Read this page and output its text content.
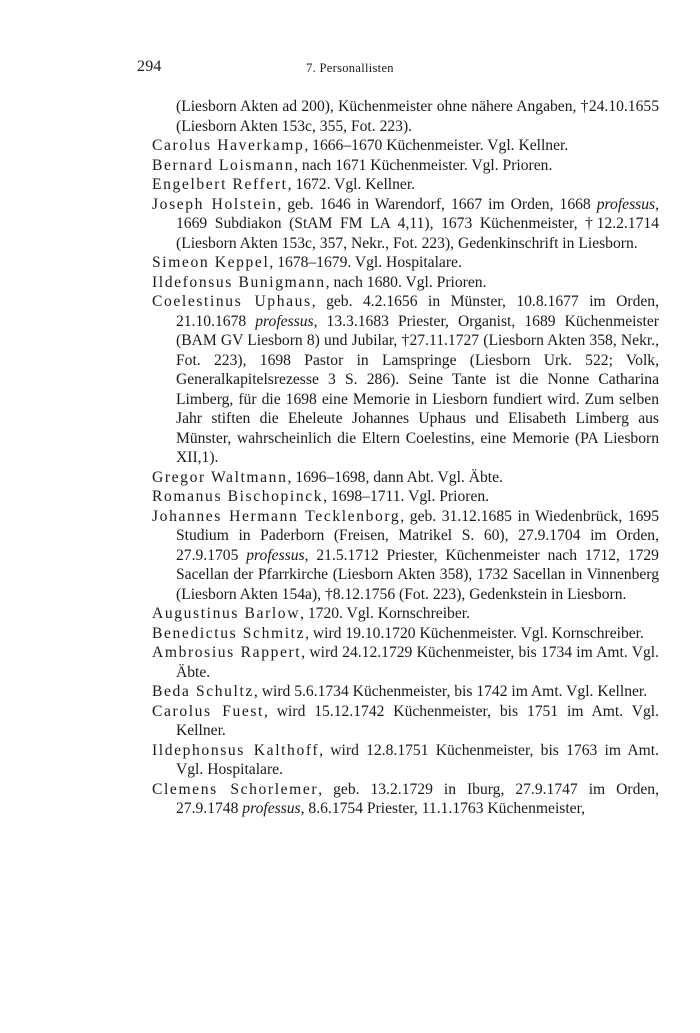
294	7. Personallisten

(Liesborn Akten ad 200), Küchenmeister ohne nähere Angaben, †24.10.1655 (Liesborn Akten 153c, 355, Fot. 223).

Carolus Haverkamp, 1666–1670 Küchenmeister. Vgl. Kellner.

Bernard Loismann, nach 1671 Küchenmeister. Vgl. Prioren.

Engelbert Reffert, 1672. Vgl. Kellner.

Joseph Holstein, geb. 1646 in Warendorf, 1667 im Orden, 1668 professus, 1669 Subdiakon (StAM FM LA 4,11), 1673 Küchenmeister, †12.2.1714 (Liesborn Akten 153c, 357, Nekr., Fot. 223), Gedenkinschrift in Liesborn.

Simeon Keppel, 1678–1679. Vgl. Hospitalare.

Ildefonsus Bunigmann, nach 1680. Vgl. Prioren.

Coelestinus Uphaus, geb. 4.2.1656 in Münster, 10.8.1677 im Orden, 21.10.1678 professus, 13.3.1683 Priester, Organist, 1689 Küchenmeister (BAM GV Liesborn 8) und Jubilar, †27.11.1727 (Liesborn Akten 358, Nekr., Fot. 223), 1698 Pastor in Lamspringe (Liesborn Urk. 522; Volk, Generalkapitelsrezesse 3 S. 286). Seine Tante ist die Nonne Catharina Limberg, für die 1698 eine Memorie in Liesborn fundiert wird. Zum selben Jahr stiften die Eheleute Johannes Uphaus und Elisabeth Limberg aus Münster, wahrscheinlich die Eltern Coelestins, eine Memorie (PA Liesborn XII,1).

Gregor Waltmann, 1696–1698, dann Abt. Vgl. Äbte.

Romanus Bischopinck, 1698–1711. Vgl. Prioren.

Johannes Hermann Tecklenborg, geb. 31.12.1685 in Wiedenbrück, 1695 Studium in Paderborn (Freisen, Matrikel S. 60), 27.9.1704 im Orden, 27.9.1705 professus, 21.5.1712 Priester, Küchenmeister nach 1712, 1729 Sacellan der Pfarrkirche (Liesborn Akten 358), 1732 Sacellan in Vinnenberg (Liesborn Akten 154a), †8.12.1756 (Fot. 223), Gedenkstein in Liesborn.

Augustinus Barlow, 1720. Vgl. Kornschreiber.

Benedictus Schmitz, wird 19.10.1720 Küchenmeister. Vgl. Kornschreiber.

Ambrosius Rappert, wird 24.12.1729 Küchenmeister, bis 1734 im Amt. Vgl. Äbte.

Beda Schultz, wird 5.6.1734 Küchenmeister, bis 1742 im Amt. Vgl. Kellner.

Carolus Fuest, wird 15.12.1742 Küchenmeister, bis 1751 im Amt. Vgl. Kellner.

Ildephonsus Kalthoff, wird 12.8.1751 Küchenmeister, bis 1763 im Amt. Vgl. Hospitalare.

Clemens Schorlemer, geb. 13.2.1729 in Iburg, 27.9.1747 im Orden, 27.9.1748 professus, 8.6.1754 Priester, 11.1.1763 Küchenmeister,
